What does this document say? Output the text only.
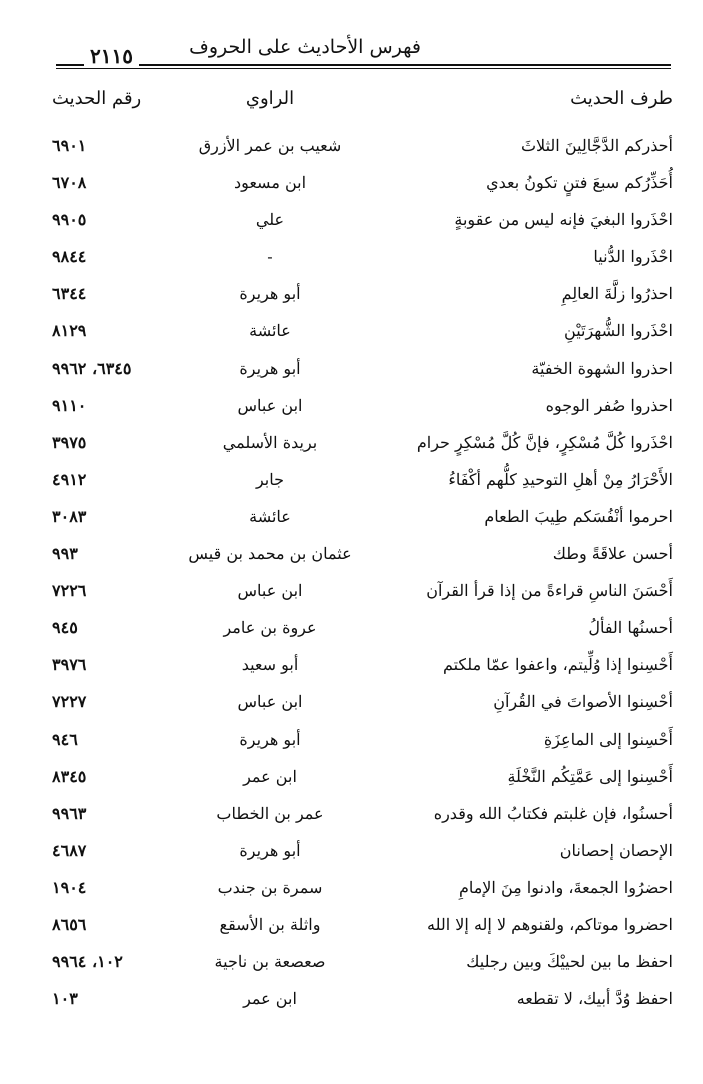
فهرس الأحاديث على الحروف
٢١١٥
طرف الحديث
الراوي
رقم الحديث
أحذركم الدَّجَّالِينَ الثلاثَ
شعيب بن عمر الأزرق
٦٩٠١
أُحَذِّرُكم سبعَ فتنٍ تكونُ بعدي
ابن مسعود
٦٧٠٨
احْذَروا البغيَ فإنه ليس من عقوبةٍ
علي
٩٩٠٥
احْذَروا الدُّنيا
-
٩٨٤٤
احذرُوا زلَّةَ العالِمِ
أبو هريرة
٦٣٤٤
احْذَروا الشُّهرَتَيْنِ
عائشة
٨١٢٩
احذروا الشهوة الخفيّة
أبو هريرة
٦٣٤٥، ٩٩٦٢
احذروا صُفر الوجوه
ابن عباس
٩١١٠
احْذَروا كُلَّ مُسْكِرٍ، فإنَّ كُلَّ مُسْكِرٍ حرام
بريدة الأسلمي
٣٩٧٥
الأَحْرَارُ مِنْ أهلِ التوحيدِ كلُّهم أكْفَاءُ
جابر
٤٩١٢
احرموا أنْفُسَكم طِيبَ الطعام
عائشة
٣٠٨٣
أحسن علاقَةً وطك
عثمان بن محمد بن قيس
٩٩٣
أَحْسَنَ الناسِ قراءةً من إذا قرأ القرآن
ابن عباس
٧٢٢٦
أحسنُها الفألُ
عروة بن عامر
٩٤٥
أَحْسِنوا إذا وُلِّيتم، واعفوا عمّا ملكتم
أبو سعيد
٣٩٧٦
أحْسِنوا الأصواتَ في القُرآنِ
ابن عباس
٧٢٢٧
أَحْسِنوا إلى الماعِزَةِ
أبو هريرة
٩٤٦
أَحْسِنوا إلى عَمَّتِكُم النَّخْلَةِ
ابن عمر
٨٣٤٥
أحسنُوا، فإن غلبتم فكتابُ الله وقدره
عمر بن الخطاب
٩٩٦٣
الإحصان إحصانان
أبو هريرة
٤٦٨٧
احضرُوا الجمعةَ، وادنوا مِنَ الإمامِ
سمرة بن جندب
١٩٠٤
احضروا موتاكم، ولقنوهم لا إله إلا الله
واثلة بن الأسقع
٨٦٥٦
احفظ ما بين لحييْكَ وبين رجليك
صعصعة بن ناجية
١٠٢، ٩٩٦٤
احفظ وُدَّ أبيك، لا تقطعه
ابن عمر
١٠٣
